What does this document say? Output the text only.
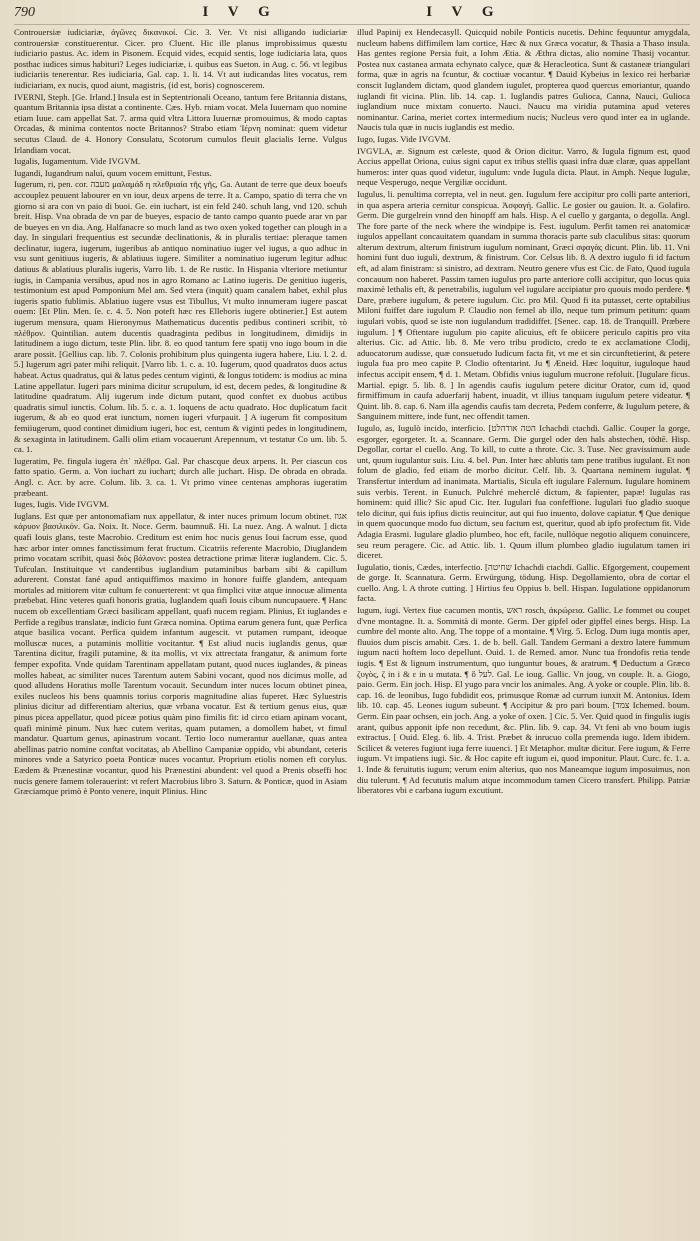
790	I V G	I V G

Controuersiæ iudiciariæ, ἀγῶνες δικανικοί. Cic. 3. Ver. Vt nisi alligando iudiciariæ controuersiæ constituerentur. Cicer. pro Cluent. Hic ille planus improbissimus quæstu iudiciario pastus. Ac. idem in Pisonem. Ecquid vides, ecquid sentis, loge iudiciaria lata, quos posthac iudices simus habituri? Leges iudiciariæ, i. quibus eas Sueton. in Aug. c. 56. vt legibus iudiciariis tenerentur. Res iudiciaria, Gal. cap. 1. li. 14. Vt aut iudicandas lites vocatus, rem iudiciariam, ex nucis, quod aiunt, magistris, (id est, boris) cognoscerem.

IVERNI, Steph. [Ge. Irland.] Insula est in Septentrionali Oceano, tantum fere Britannia distans, quantum Britannia ipsa distat a continente. Cæs. Hyb. rniam vocat. Mela Iuuernam quo nomine etiam Iuue. cam appellat Sat. 7. arma quid vltra Littora Iuuernæ promouimus, & modo captas Orcadas, & minima contentos nocte Britannos? Strabo etiam Ἰέρνη nominat: quem videtur secutus Claud. de 4. Honory Consulatu, Scotorum cumulos fleuit glacialis Ierne. Vulgus Irlandiam vocat.

Iugalis, Iugamentum. Vide IVGVM.

Iugandi, Iugandrum nalui, quum vocem emittunt, Festus.

Iugerum, ri, pen. cor. מעבה μαλαμάδ η πλεθριαία τῆς γῆς, Ga. Autant de terre que deux boeufs accouplez peuuent labourer en vn iour, deux arpens de terre. It a. Campo, spatio di terra che vn giorno si ara con vn paio di buoi. Ge. ein iuchart, ist ein feld 240. schuh lang, vnd 120. schuh breit. Hisp. Vna obrada de vn par de bueyes, espacio de tanto campo quanto puede arar vn par de bueyes en vn dia. Ang. Halfanacre so much land as two oxen yoked together can plough in a day. In singulari frequentius est secundæ declinationis, & in pluralis tertiae: pleraque tamen declinatur, iugera, iugerum, iugeribus ab antiquo nominatiuo iuger vel iugus, a quo adhuc in vsu sunt genitiuus iugeris, & ablatiuus iugere. Similiter a nominatiuo iugerum legitur adhuc datiuus & ablatiuus pluralis iugeris, Varro lib. 1. de Re rustic. In Hispania vlteriore metiuntur iugis, in Campania versibus, apud nos in agro Romano ac Latino iugeris. De genitiuo iugeris, testimonium est apud Pomponium Mel am. Sed vtera (inquit) quam canalem habet, exhil plus iugeris spatio fublimis. Ablatiuo iugere vsus est Tibullus, Vt multo innumeram iugere pascat ouem: [Et Plin. Men. ſe. c. 4. 5. Non poteft hæc res Elleboris iugere obtinerier.] Est autem iugerum mensura, quam Hieronymus Mathematicus ducentis pedibus contineri scribit, τὸ πλέθρον. Quintilian. autem ducentis quadraginta pedibus in longitudinem, dimidijs in latitudinem a iugo dictum, teste Plin. libr. 8. eo quod tantum fere spatij vno iugo boum in die arare possit. [Gellius cap. lib. 7. Colonis prohibitum plus quingenta iugera habere, Liu. l. 2. d. 5.] Iugerum agri pater mihi reliquit. [Varro lib. 1. c. a. 10. Iugerum, quod quadratos duos actus habeat. Actus quadratus, qui & latus pedes centum viginti, & longus totidem: is modius ac mina Latine appellatur. Iugeri pars minima dicitur scrupulum, id est, decem pedes, & longitudine & latitudine quadratum. Alij iugerum inde dictum putant, quod conftet ex duobus actibus quadratis simul iunctis. Colum. lib. 5. c. a. 1. loquens de actu quadrato. Hoc duplicatum facit iugerum, & ab eo quod erat iunctum, nomen iugeri vfurpauit. ] A iugerum fit compositum femiiugerum, quod continet dimidium iugeri, hoc est, centum & viginti pedes in longitudinem, & sexaginta in latitudinem. Galli olim etiam vocauerunt Arepennum, vt testatur Co um. lib. 5. ca. 1.

Iugeratim, Pe. fingula iugera ἐπ᾽ πλέθρα. Gal. Par chascque deux arpens. It. Per ciascun cos fatto spatio. Germ. a. Von iuchart zu iuchart; durch alle juchart. Hisp. De obrada en obrada. Angl. c. Acr. by acre. Colum. lib. 3. ca. 1. Vt primo vinee centenas amphoras iugeratim præbeant.

Iuges, Iugis. Vide IVGVM.

Iuglans. Est quæ per antonomafiam nux appellatur, & inter nuces primum locum obtinet. אגוז κάρυον βασιλικόν. Ga. Noix. It. Noce. Germ. baumnuß. Hi. La nuez. Ang. A walnut. ] dicta quafi Iouis glans, teste Macrobio. Creditum est enim hoc nucis genus Ioui facrum esse, quod hæc arbor inter omnes fanctissimum ferat fructum. Cicatriis referente Macrobio, Diuglandem primo vocatam scribit, quasi διὸς βάλανον: postea detractione primæ literæ iuglandem. Cic. 5. Tufculan. Instituitque vt candentibus iuglandium putaminibus barbam sibi & capillum adurerent. Constat fané apud antiquiffimos maximo in honore fuiffe glandem, antequam mortales ad mitiorem vitæ cultum fe conuerterent: vt qua fimplici vitæ atque innocuæ alimenta præbebat. Hinc veteres quafi honoris gratia, Iuglandem quafi Iouis cibum nuncupauere. ¶ Hanc nucem ob excellentiam Græci basilicam appellant, quafi nucem regiam. Plinius, Et iuglandes e Perfide a regibus translatæ, indicio funt Græca nomina. Optima earum genera funt, quæ Perfica atque basilica vocant. Perfica quidem infantum augescit. vt putamen rumpant, ideoque molluscæ nuces, a putaminis mollitie vocitantur. ¶ Est aliud nucis iuglandis genus, quæ Tarentina dicitur, fragili putamine, & ita mollis, vt vix attrectata frangatur, & animum forte femper expofita. Vnde quidam Tarentinam appellatam putant, quod nuces iuglandes, & pineas molles habeat, ac similiter nuces Tarentum autem Sabini vocant, quod nos dicimus molle, ad quod alludens Horatius molle Tarentum vocauit. Secundum inter nuces locum obtinet pinea, exiles nucleos his bens quamnis torius corporis magnitudine alias fuperet. Hæc Syluestris plinius dicitur ad differentiam alterius, quæ vrbana vocatur. Est & tertium genus eius, quæ pinus picea appellatur, quod piceæ potius quàm pino fimilis fit: id circo etiam apinam vocant, quafi minimè pinum. Nux hæc cutem veritas, quam putamen, a domollem habet, vt fimul mandatur. Quartum genus, apinastrum vocant. Tertio loco numerantur auellanæ, quas antea abellinas patrio nomine conftat vocitatas, ab Abellino Campaniæ oppido, vbi abundant, ceteris minores vnde a Satyrico poeta Ponticæ nuces vocantur. Proprium etiolis nomen eft corylus. Eædem & Prænestinæ vocantur, quod his Prænestini abundent: vel quod a Prenis obseffi hoc nucis genere famem tolerauerint: vt refert Macrobius libro 3. Saturn. & Ponticæ, quod in Asiam Græciamque primò è Ponto venere, inquit Plinius. Hinc

illud Papinij ex Hendecasyll. Quicquid nobile Ponticis nucetis. Dehinc fequuntur amygdala, nucleum habens diffimilem lam cortice, Hæc & nux Græca vocatur, & Thasia a Thaso insula. Has gentes regione Persia fuit, a Iohm Ætia. & Æthra dictas, alio nomine Thasij vocantur. Postea nux castanea armata echynato calyce, quæ & Heracleotica. Sunt & castaneæ triangulari forma, quæ in agris na fcuntur, & coctiuæ vocantur. ¶ Dauid Kybeius in lexico rei herbariæ conscit Iuglandem dictam, quod glandem iugulet, propterea quod quercus emoriantur, quando iuglandi fit vicina. Plin. lib. 14. cap. 1. Iuglandis patres Gulioca, Canna, Nauci, Gulioca iuglandium nuce mixtam conuerto. Nauci. Naucu ma viridia putamina apud veteres nominantur. Carina, meriet cortex intermedium nucis; Nucleus vero quod inter ea in uglande. Naucis tula quæ in nucis iuglandis est medio.

Iugo, Iugas. Vide IVGVM.

IVGVLA, æ. Signum est cæleste, quod & Orion dicitur. Varro, & Iugula fignum est, quod Accius appellat Oriona, cuius signi caput ex tribus stellis quasi infra duæ claræ, quas appellant humeros: inter quas quod videtur, iugulum: vnde Iugula dicta. Plaut. in Amph. Neque Iugulæ, neque Vesperugo, neque Vergiliæ occidunt.

Iugulus, li. penultima correpta, vel in neut. gen. Iugulum fere accipitur pro colli parte anteriori, in qua aspera arteria cernitur conspicua. Ἀσφαγή. Gallic. Le gosier ou gauion. It. a. Golafiro. Germ. Die gurgelrein vnnd den hinopff am hals. Hisp. A el cuello y garganta, o degolla. Angl. The fore parte of the neck where the windpipe is. Fest. iugulum. Perfit tamen rei anatomicæ iugulos appellant concauitatem quandam in summa thoracis parte sub claculibus sitas: quorum alterum dextrum, alterum finistrum iugulum nominant, Græci σφαγὰς dicunt. Plin. lib. 11. Vni homini funt duo iuguli, dextrum, & finistrum. Cor. Celsus lib. 8. A dextro iugulo fi id factum eft, ad alam finistram: si sinistro, ad dextram. Neutro genere vfus est Cic. de Fato, Quod iugula concauum non haberet. Passim tamen iugulus pro parte anteriore colli accipitur, quo locus quia maximè lethalis eft, & penetrabilis, iugulum vel iugulare accipiatur pro quouis modo perdere. ¶ Dare, præbere iugulum, & petere iugulum. Cic. pro Mil. Quod fi ita putasset, certe optabilius Miloni fuiffet dare iugulum P. Claudio non femel ab illo, neque tum primum petitum: quam iugulari vobis, quod se iste non iugulandum tradidiffet. [Senec. cap. 18. de Tranquill. Præbere iugulum. ] ¶ Oftentare iugulum pio capite alicuius, eft fe obiicere periculo capitis pro vita alterius. Cic. ad Attic. lib. 8. Me vero tribu prodicto, credo te ex acclamatione Clodij, aduocatorum audisse, quæ consuetudo Iudicum facta fit, vt me et sin circunftetierint, & petere iugula fua pro meo capite P. Clodio oftentarint. Ju ¶ Æneid. Hæc loquitur, iuguloque haud infectus accipit ensem, ¶ d. 1. Metam. Obfidis vnius iugulum mucrone refoluit. [Iugulare ficus. Martial. epigr. 5. lib. 8. ] In agendis caufis iugulum petere dicitur Orator, cum id, quod firmiffimum in caufa aduerfarij habent, inuadit, vt illius tanquam iugulum petere videatur. ¶ Quint. lib. 8. cap. 6. Nam illa agendis caufis tam decreta, Pedem conferre, & Iugulum petere, & Sanguinem mittere, inde funt, nec offendit tamen.

Iugulo, as, Iugulò incido, interficio. [הטה אודהלט Ichachdi ctachdi. Gallic. Couper la gorge, esgorger, egorgeter. It. a. Scannare. Germ. Die gurgel oder den hals abstechen, tödtē. Hisp. Degollar, cortar el cuello. Ang. To kill, to cutte a throte. Cic. 3. Tuse. Nec gravissimum aude unt, quum iugulantur suis. Liu. 4. bel. Pun. Inter hæc ablutis tam pene tratibus iugulant. Et non folum de gladio, fed etiam de morbo dicitur. Celf. lib. 3. Quartana neminem iugulat. ¶ Transfertur interdum ad inanimata. Martialis, Sicula eft iugulare Falernum. Iugulare hominem suis verbis. Terent. in Eunuch. Pulchré meherclé dictum, & fapienter, papæ! Iugulas ras hominem: quid illic? Sic apud Cic. Iter. Iugulari fua confeffione. Iugulari fuo gladio suoque telo dicitur, qui fuis ipfius dictis reuincitur, aut qui fuo inuento, dolove capiatur. ¶ Que denique in quem quocunque modo fuo dictum, seu factum est, queritur, quod ab ipfo profectum fit. Vide Adagia Erasmi. Iugulare gladio plumbeo, hoc eft, facile, nullóque negotio aliquem conuincere, seu reum peragere. Cic. ad Attic. lib. 1. Quum illum plumbeo gladio iugulatum tamen iri diceret.

Iugulatio, tionis, Cædes, interfectio. [שחיטה Ichachdi ctachdi. Gallic. Efgorgement, coupement de gorge. It. Scannatura. Germ. Erwürgung, tödung. Hisp. Degollamiento, obra de cortar el cuello. Ang. l. A throte cutting. ] Hirtius feu Oppius b. bell. Hispan. Iugulatione oppidanorum facta.

Iugum, iugi. Vertex fiue cacumen montis, ראש rosch, ἀκρώρεια. Gallic. Le fommet ou coupet d'vne montagne. It. a. Sommità di monte. Germ. Der gipfel oder gipffel eines bergs. Hisp. La cumbre del monte alto. Ang. The toppe of a montaine. ¶ Virg. 5. Eclog. Dum iuga montis aper, fluuios dum piscis amabit. Cæs. 1. de b. bell. Gall. Tandem Germani a dextro latere fummum iugum nacti hoftem loco depellunt. Ouid. 1. de Remed. amor. Nunc tua frondofis retia tende iugis. ¶ Est & lignum instrumentum, quo iunguntur boues, & aratrum. ¶ Deductum a Græco ζυγὸς, ζ in i & ε in u mutata. ¶ ὅ לעל. Gal. Le ioug. Gallic. Vn joug, vn couple. It. a. Giogo, paio. Germ. Ein joch. Hisp. El yugo para vncir los animales. Ang. A yoke or couple. Plin. lib. 8. cap. 16. de leonibus, Iugo fubdidit eos, primusque Romæ ad currum iunxit M. Antonius. Idem lib. 10. cap. 45. Leones iugum subeunt. ¶ Accipitur & pro pari boum. [צמד Ichemed. boum. Germ. Ein paar ochsen, ein joch. Ang. a yoke of oxen. ] Cic. 5. Ver. Quid quod in fingulis iugis arant, quibus apponit ipfe non recedunt, &c. Plin. lib. 9. cap. 34. Vt feni ab vno boum iugis extractus. [ Ouid. Eleg. 6. lib. 4. Trist. Præbet & inrucuo colla premenda iugo. Idem ibidem. Scilicet & veteres fugiunt iuga ferre iuuenci. ] Et Metaphor. multæ dicitur. Fere iugum, & Ferre iugum. Vt impatiens iugi. Sic. & Hoc capite eft iugum ei, quod imponitur. Plaut. Curc. fc. 1. a. 1. Inde & feruitutis iugum; verum enim alterius, quo nos Maneamque iugum imposuimus, non diu tulerunt. ¶ Ad fecututis malum atque incommodum tamen Cicero transfert. Philipp. Patriæ liberatores vbi e carbana iugum excutiunt.
